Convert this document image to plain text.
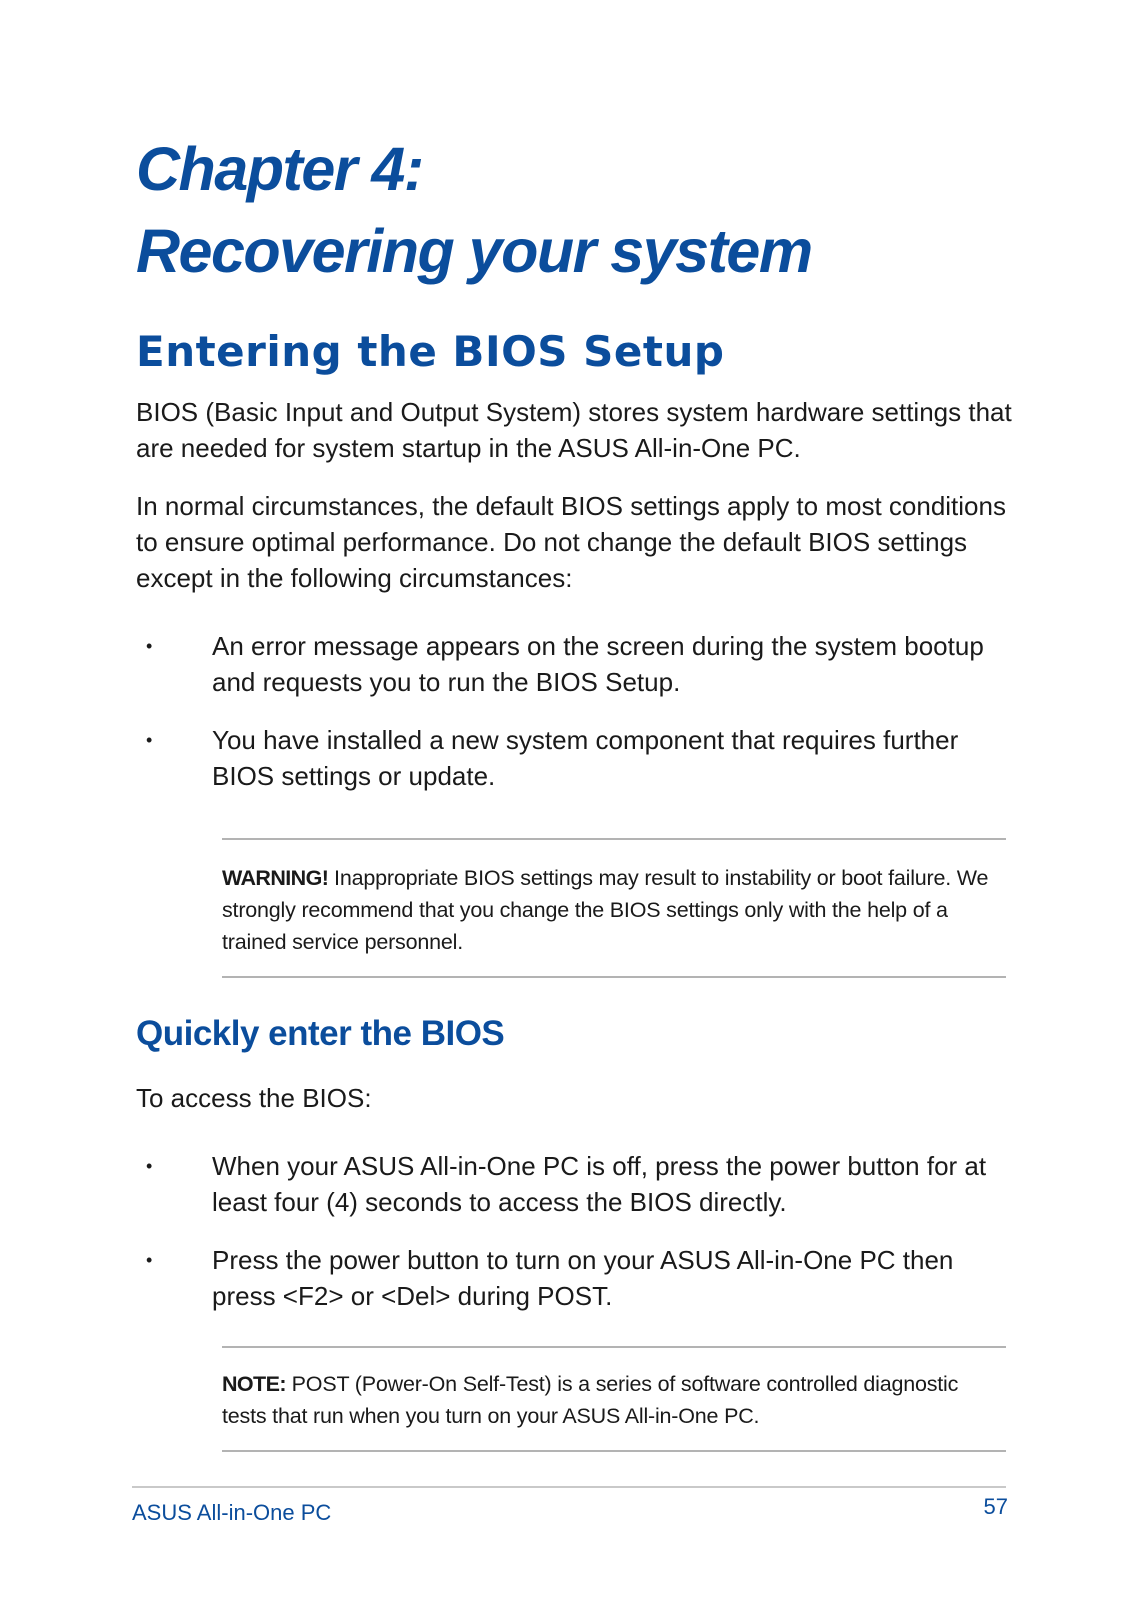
Chapter 4:
Recovering your system
Entering the BIOS Setup

BIOS (Basic Input and Output System) stores system hardware settings that are needed for system startup in the ASUS All-in-One PC.

In normal circumstances, the default BIOS settings apply to most conditions to ensure optimal performance. Do not change the default BIOS settings except in the following circumstances:

• An error message appears on the screen during the system bootup and requests you to run the BIOS Setup.
• You have installed a new system component that requires further BIOS settings or update.

WARNING! Inappropriate BIOS settings may result to instability or boot failure. We strongly recommend that you change the BIOS settings only with the help of a trained service personnel.

Quickly enter the BIOS

To access the BIOS:

• When your ASUS All-in-One PC is off, press the power button for at least four (4) seconds to access the BIOS directly.
• Press the power button to turn on your ASUS All-in-One PC then press <F2> or <Del> during POST.

NOTE: POST (Power-On Self-Test) is a series of software controlled diagnostic tests that run when you turn on your ASUS All-in-One PC.

ASUS All-in-One PC	57
